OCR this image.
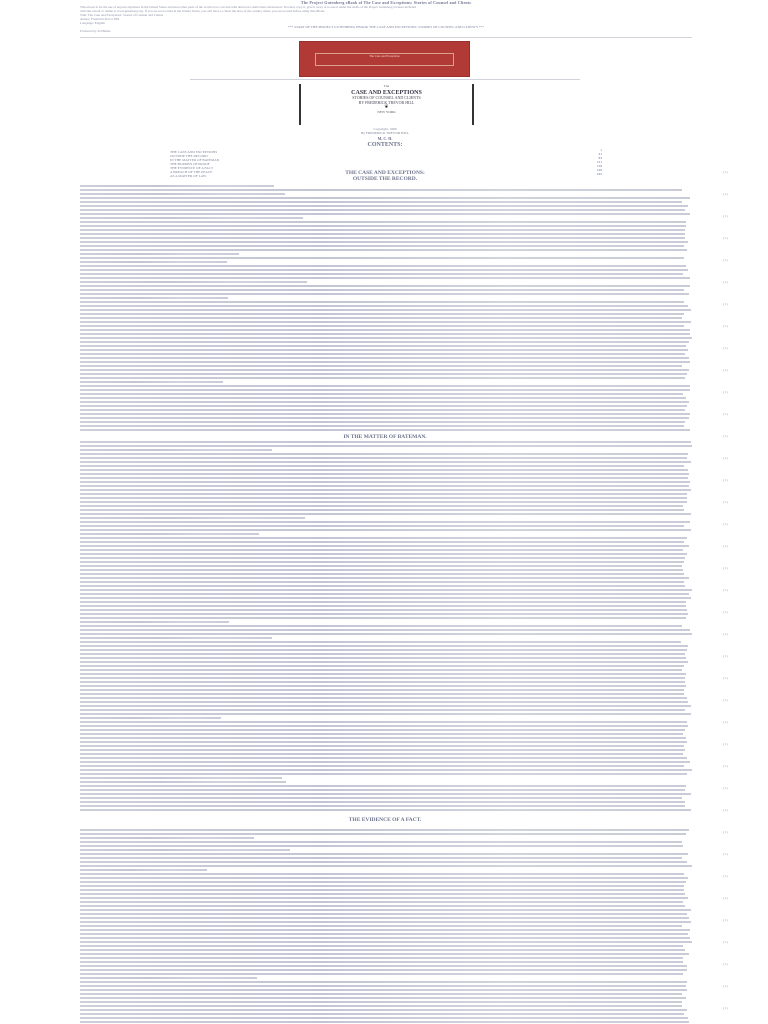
The Project Gutenberg eBook of The Case and Exceptions: Stories of Counsel and Clients
This ebook is for the use of anyone anywhere in the United States and most other parts of the world at no cost and with almost no restrictions whatsoever. You may copy it, give it away or re-use it under the terms of the Project Gutenberg License included
with this ebook or online at www.gutenberg.org. If you are not located in the United States, you will have to check the laws of the country where you are located before using this eBook.
Title: The Case and Exceptions: Stories of Counsel and Clients
Author: Frederick Trevor Hill
Language: English
*** START OF THE PROJECT GUTENBERG EBOOK THE CASE AND EXCEPTIONS: STORIES OF COUNSEL AND CLIENTS ***
Produced by Al Haines
The Case and Exceptions
The
CASE AND EXCEPTIONS
STORIES OF COUNSEL AND CLIENTS
BY FREDERICK TREVOR HILL
❦
NEW YORK
Copyright, 1900
By FREDERICK TREVOR HILL
M. C. H.
CONTENTS:
THE CASE AND EXCEPTIONS
OUTSIDE THE RECORD
IN THE MATTER OF BATEMAN
THE BURDEN OF PROOF
THE EVIDENCE OF A FACT
A BREACH OF THE PEACE
AS A MATTER OF LAW
1
41
83
121
159
199
245
THE CASE AND EXCEPTIONS:
OUTSIDE THE RECORD.
IN THE MATTER OF BATEMAN.
THE EVIDENCE OF A FACT.
{1}
{1}
{1}
{1}
{1}
{1}
{1}
{1}
{1}
{1}
{1}
{1}
{1}
{1}
{1}
{1}
{1}
{1}
{1}
{1}
{1}
{1}
{1}
{1}
{1}
{1}
{1}
{1}
{1}
{1}
{1}
{1}
{1}
{1}
{1}
{1}
{1}
{1}
{1}
